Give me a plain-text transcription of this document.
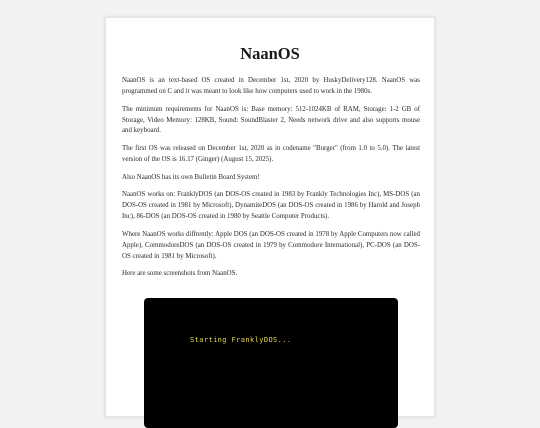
NaanOS

NaanOS is an text-based OS created in December 1st, 2020 by HuskyDelivery128. NaanOS was programmed on C and it was meant to look like how computers used to work in the 1980s.

The minimum requirements for NaanOS is: Base memory: 512-1024KB of RAM, Storage: 1-2 GB of Storage, Video Memory: 128KB, Sound: SoundBlaster 2, Needs network drive and also supports mouse and keyboard.

The first OS was released on December 1st, 2020 as in codename "Burger" (from 1.0 to 5.0). The latest version of the OS is 16.17 (Ginger) (August 15, 2025).

Also NaanOS has its own Bulletin Board System!

NaanOS works on: FranklyDOS (an DOS-OS created in 1983 by Frankly Technologies Inc), MS-DOS (an DOS-OS created in 1981 by Microsoft), DynamiteDOS (an DOS-OS created in 1986 by Harold and Joseph Inc), 86-DOS (an DOS-OS created in 1980 by Seattle Computer Products).

Where NaanOS works diffrently: Apple DOS (an DOS-OS created in 1978 by Apple Computers now called Apple), CommodoreDOS (an DOS-OS created in 1979 by Commodore International), PC-DOS (an DOS-OS created in 1981 by Microsoft).

Here are some screenshots from NaanOS.

Starting FranklyDOS...
